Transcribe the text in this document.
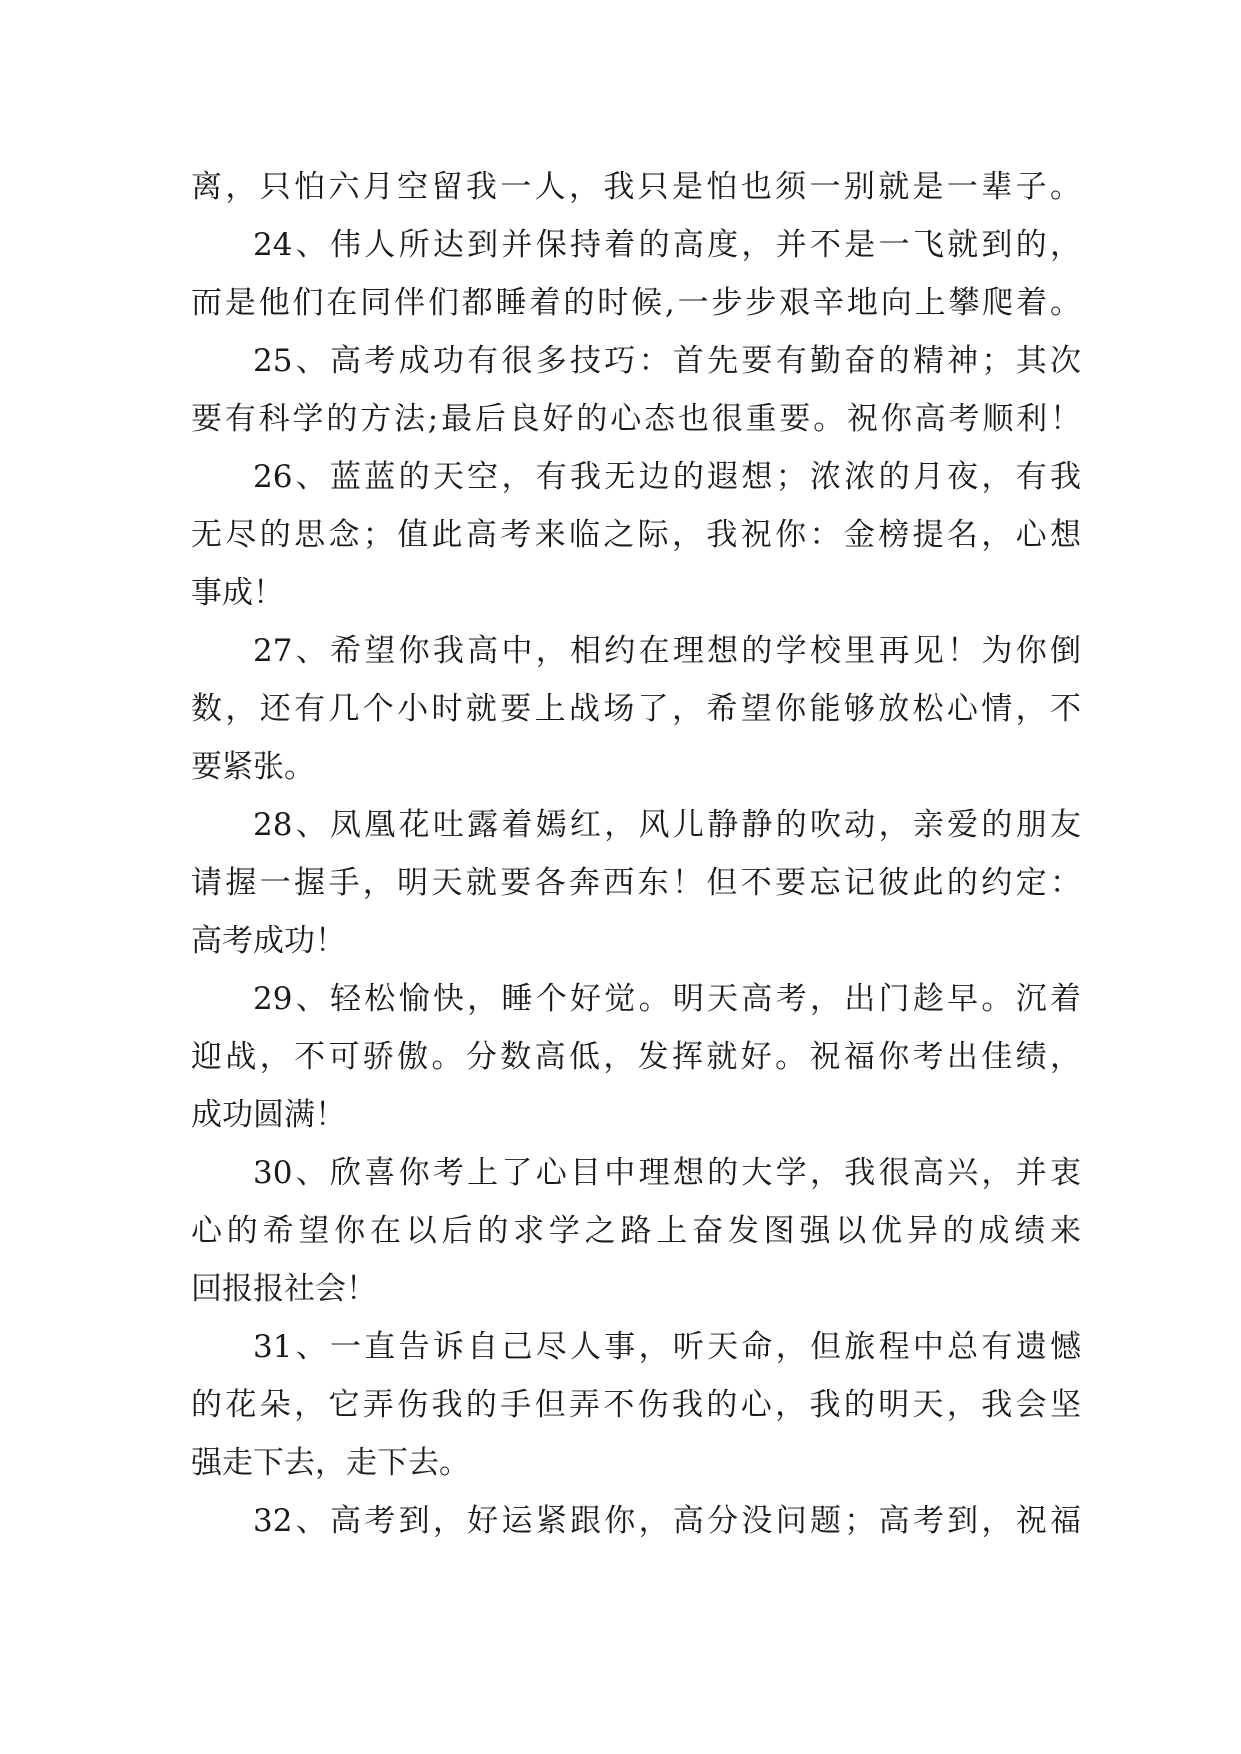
离，只怕六月空留我一人，我只是怕也须一别就是一辈子。
24、伟人所达到并保持着的高度，并不是一飞就到的，
而是他们在同伴们都睡着的时候,一步步艰辛地向上攀爬着。
25、高考成功有很多技巧：首先要有勤奋的精神；其次
要有科学的方法;最后良好的心态也很重要。祝你高考顺利！
26、蓝蓝的天空，有我无边的遐想；浓浓的月夜，有我
无尽的思念；值此高考来临之际，我祝你：金榜提名，心想
事成！
27、希望你我高中，相约在理想的学校里再见！为你倒
数，还有几个小时就要上战场了，希望你能够放松心情，不
要紧张。
28、凤凰花吐露着嫣红，风儿静静的吹动，亲爱的朋友
请握一握手，明天就要各奔西东！但不要忘记彼此的约定：
高考成功！
29、轻松愉快，睡个好觉。明天高考，出门趁早。沉着
迎战，不可骄傲。分数高低，发挥就好。祝福你考出佳绩，
成功圆满！
30、欣喜你考上了心目中理想的大学，我很高兴，并衷
心的希望你在以后的求学之路上奋发图强以优异的成绩来
回报报社会！
31、一直告诉自己尽人事，听天命，但旅程中总有遗憾
的花朵，它弄伤我的手但弄不伤我的心，我的明天，我会坚
强走下去，走下去。
32、高考到，好运紧跟你，高分没问题；高考到，祝福
